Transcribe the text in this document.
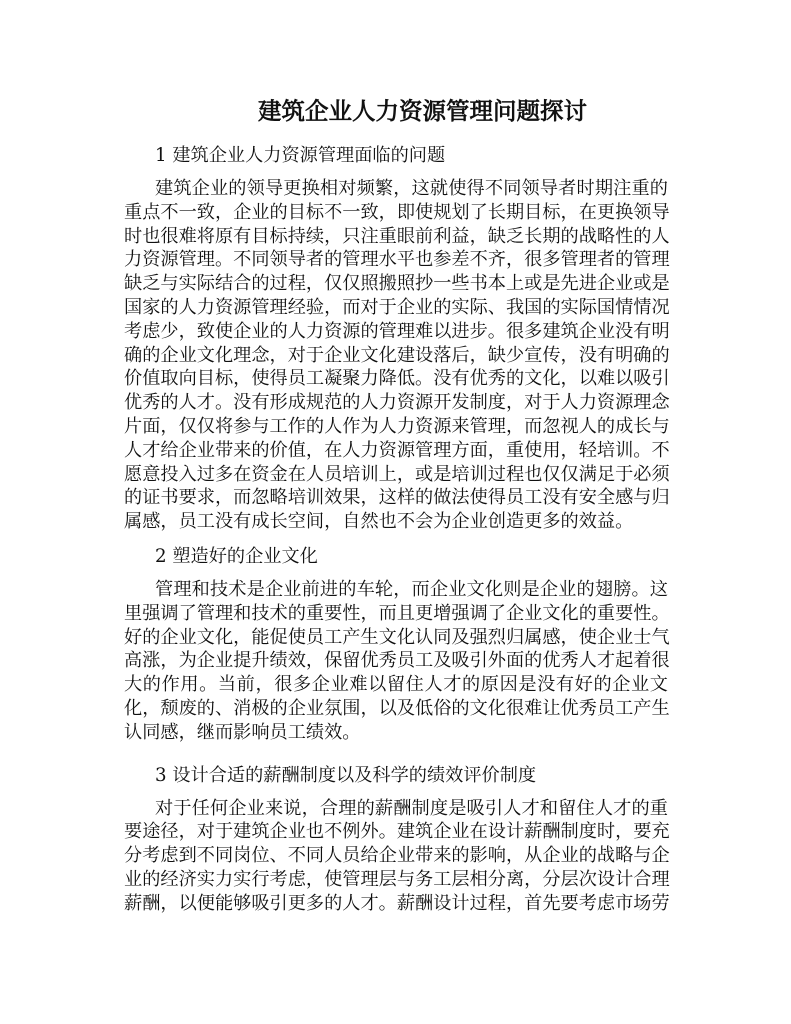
建筑企业人力资源管理问题探讨
1 建筑企业人力资源管理面临的问题
建筑企业的领导更换相对频繁，这就使得不同领导者时期注重的
重点不一致，企业的目标不一致，即使规划了长期目标，在更换领导
时也很难将原有目标持续，只注重眼前利益，缺乏长期的战略性的人
力资源管理。不同领导者的管理水平也参差不齐，很多管理者的管理
缺乏与实际结合的过程，仅仅照搬照抄一些书本上或是先进企业或是
国家的人力资源管理经验，而对于企业的实际、我国的实际国情情况
考虑少，致使企业的人力资源的管理难以进步。很多建筑企业没有明
确的企业文化理念，对于企业文化建设落后，缺少宣传，没有明确的
价值取向目标，使得员工凝聚力降低。没有优秀的文化，以难以吸引
优秀的人才。没有形成规范的人力资源开发制度，对于人力资源理念
片面，仅仅将参与工作的人作为人力资源来管理，而忽视人的成长与
人才给企业带来的价值，在人力资源管理方面，重使用，轻培训。不
愿意投入过多在资金在人员培训上，或是培训过程也仅仅满足于必须
的证书要求，而忽略培训效果，这样的做法使得员工没有安全感与归
属感，员工没有成长空间，自然也不会为企业创造更多的效益。
2 塑造好的企业文化
管理和技术是企业前进的车轮，而企业文化则是企业的翅膀。这
里强调了管理和技术的重要性，而且更增强调了企业文化的重要性。
好的企业文化，能促使员工产生文化认同及强烈归属感，使企业士气
高涨，为企业提升绩效，保留优秀员工及吸引外面的优秀人才起着很
大的作用。当前，很多企业难以留住人才的原因是没有好的企业文
化，颓废的、消极的企业氛围，以及低俗的文化很难让优秀员工产生
认同感，继而影响员工绩效。
3 设计合适的薪酬制度以及科学的绩效评价制度
对于任何企业来说，合理的薪酬制度是吸引人才和留住人才的重
要途径，对于建筑企业也不例外。建筑企业在设计薪酬制度时，要充
分考虑到不同岗位、不同人员给企业带来的影响，从企业的战略与企
业的经济实力实行考虑，使管理层与务工层相分离，分层次设计合理
薪酬，以便能够吸引更多的人才。薪酬设计过程，首先要考虑市场劳
